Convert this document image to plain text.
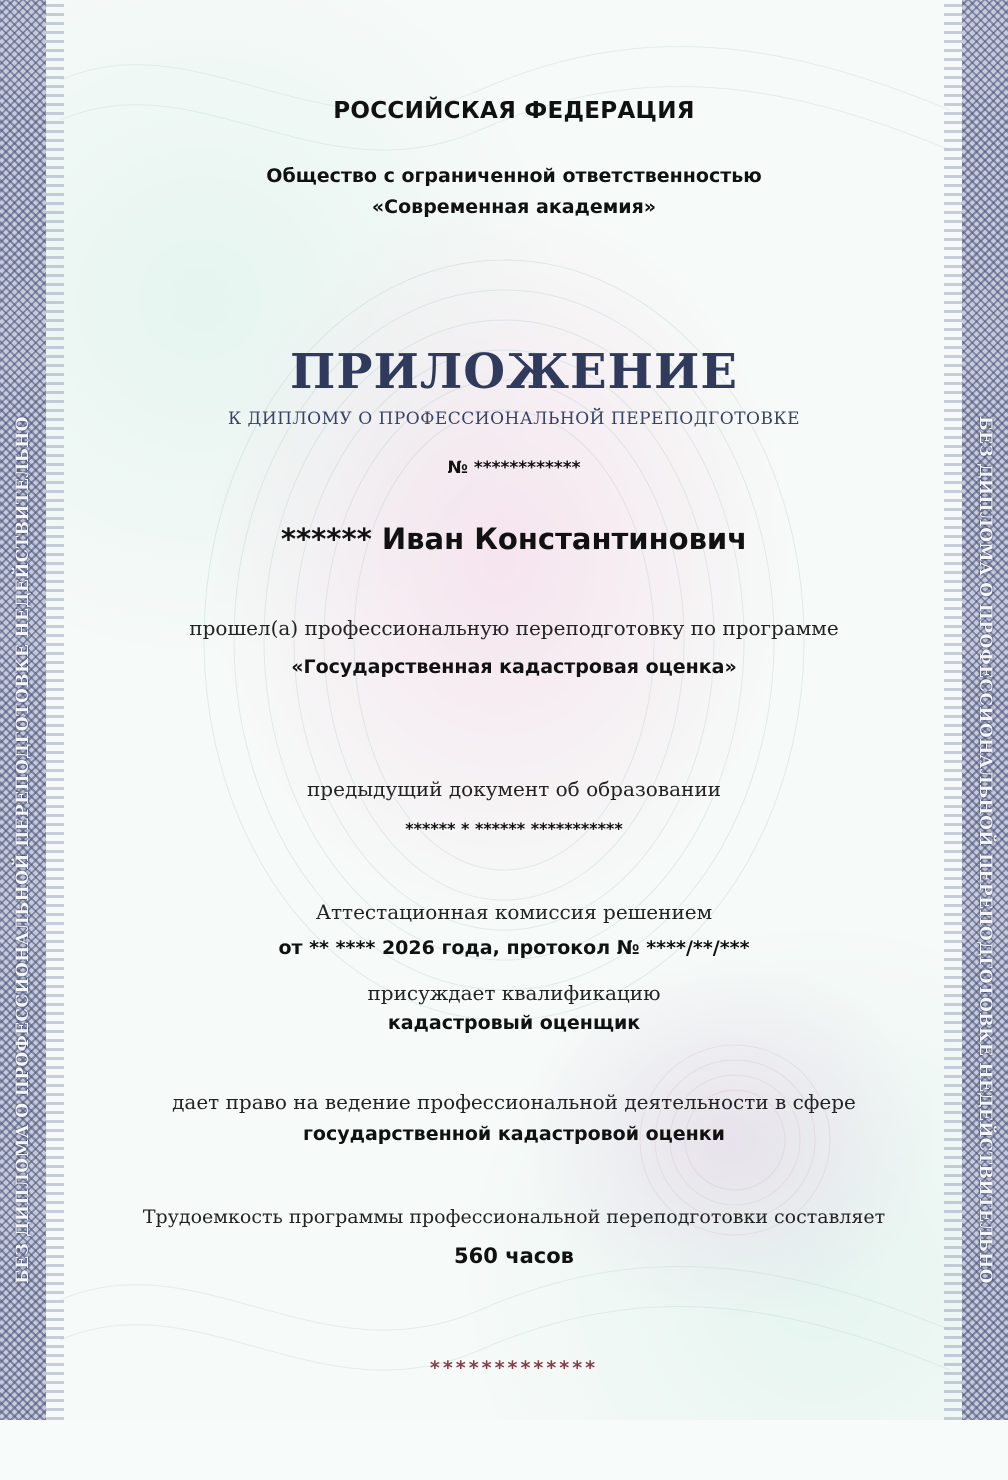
БЕЗ ДИПЛОМА О ПРОФЕССИОНАЛЬНОЙ ПЕРЕПОДГОТОВКЕ НЕДЕЙСТВИТЕЛЬНО	БЕЗ ДИПЛОМА О ПРОФЕССИОНАЛЬНОЙ ПЕРЕПОДГОТОВКЕ НЕДЕЙСТВИТЕЛЬНО
РОССИЙСКАЯ ФЕДЕРАЦИЯ
Общество с ограниченной ответственностью
«Современная академия»
ПРИЛОЖЕНИЕ
К ДИПЛОМУ О ПРОФЕССИОНАЛЬНОЙ ПЕРЕПОДГОТОВКЕ
№ ************
****** Иван Константинович
прошел(а) профессиональную переподготовку по программе
«Государственная кадастровая оценка»
предыдущий документ об образовании
****** * ****** ***********
Аттестационная комиссия решением
от ** **** 2026 года, протокол № ****/**/***
присуждает квалификацию
кадастровый оценщик
дает право на ведение профессиональной деятельности в сфере
государственной кадастровой оценки
Трудоемкость программы профессиональной переподготовки составляет
560 часов
*************
